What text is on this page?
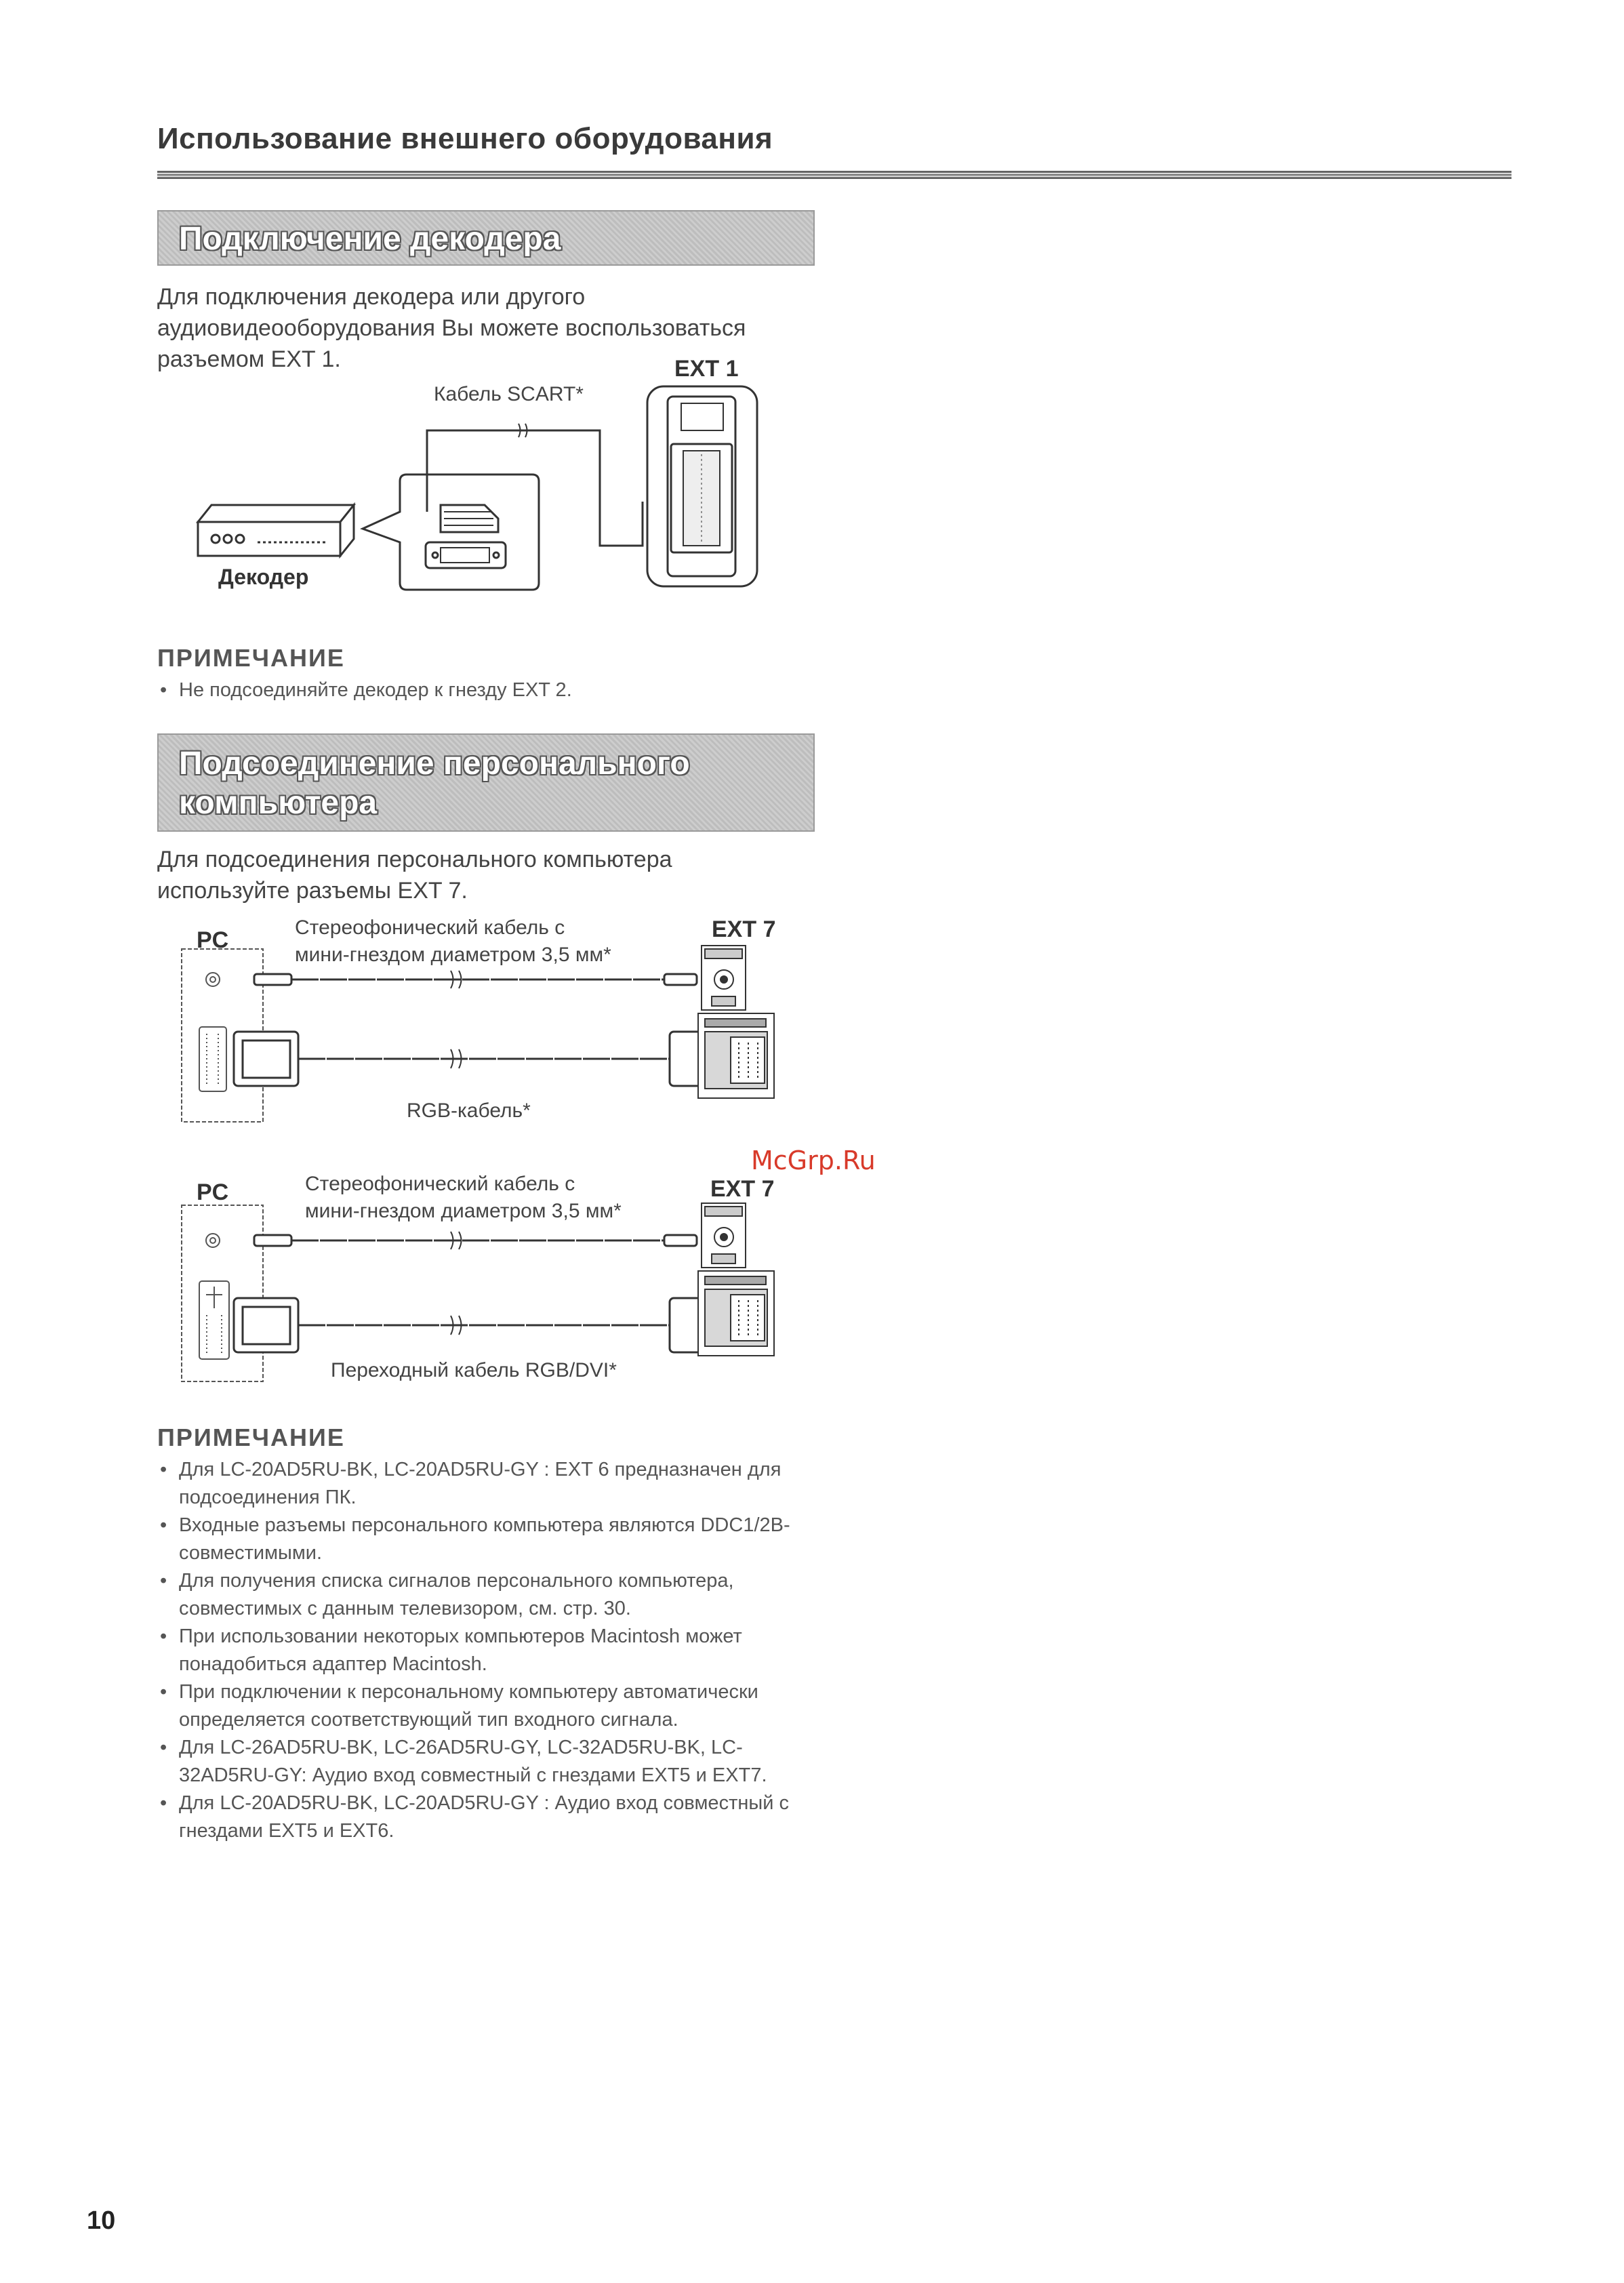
Использование внешнего оборудования
Подключение декодера
Для подключения декодера или другого аудиовидеооборудования Вы можете воспользоваться разъемом EXT 1.	EXT 1
Кабель SCART*
Декодер
ПРИМЕЧАНИЕ
• Не подсоединяйте декодер к гнезду EXT 2.
Подсоединение персонального
компьютера
Для подсоединения персонального компьютера используйте разъемы EXT 7.
PC	EXT 7
Стереофонический кабель с
мини-гнездом диаметром 3,5 мм*
RGB-кабель*
PC	EXT 7
Стереофонический кабель с
мини-гнездом диаметром 3,5 мм*
Переходный кабель RGB/DVI*
McGrp.Ru
ПРИМЕЧАНИЕ
• Для LC-20AD5RU-BK, LC-20AD5RU-GY : EXT 6 предназначен для подсоединения ПК.
• Входные разъемы персонального компьютера являются DDC1/2B-совместимыми.
• Для получения списка сигналов персонального компьютера, совместимых с данным телевизором, см. стр. 30.
• При использовании некоторых компьютеров Macintosh может понадобиться адаптер Macintosh.
• При подключении к персональному компьютеру автоматически определяется соответствующий тип входного сигнала.
• Для LC-26AD5RU-BK, LC-26AD5RU-GY, LC-32AD5RU-BK, LC-32AD5RU-GY: Аудио вход совместный с гнездами EXT5 и EXT7.
• Для LC-20AD5RU-BK, LC-20AD5RU-GY : Аудио вход совместный с гнездами EXT5 и EXT6.
10
